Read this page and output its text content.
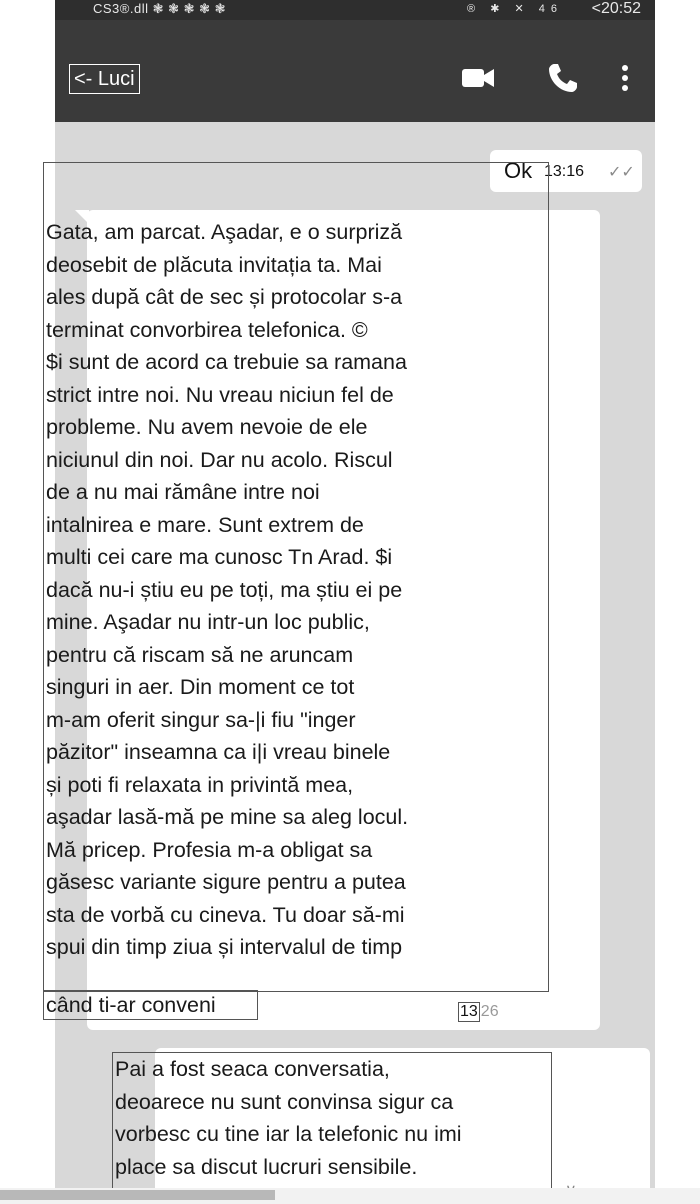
CS3®.dll ❃ ❃ ❃ ❃ ❃	® ✱ ✕ 46 <20:52
<- Luci
Ok 13:16 ✓✓
Gata, am parcat. Aşadar, e o surpriză
deosebit de plăcuta invitația ta. Mai
ales după cât de sec și protocolar s-a
terminat convorbirea telefonica. ©
$i sunt de acord ca trebuie sa ramana
strict intre noi. Nu vreau niciun fel de
probleme. Nu avem nevoie de ele
niciunul din noi. Dar nu acolo. Riscul
de a nu mai rămâne intre noi
intalnirea e mare. Sunt extrem de
multi cei care ma cunosc Tn Arad. $i
dacă nu-i știu eu pe toți, ma știu ei pe
mine. Aşadar nu intr-un loc public,
pentru că riscam să ne aruncam
singuri in aer. Din moment ce tot
m-am oferit singur sa-|i fiu "inger
păzitor" inseamna ca i|i vreau binele
și poti fi relaxata in privintă mea,
aşadar lasă-mă pe mine sa aleg locul.
Mă pricep. Profesia m-a obligat sa
găsesc variante sigure pentru a putea
sta de vorbă cu cineva. Tu doar să-mi
spui din timp ziua și intervalul de timp
când ti-ar conveni	13 26
Pai a fost seaca conversatia,
deoarece nu sunt convinsa sigur ca
vorbesc cu tine iar la telefonic nu imi
place sa discut lucruri sensibile.
